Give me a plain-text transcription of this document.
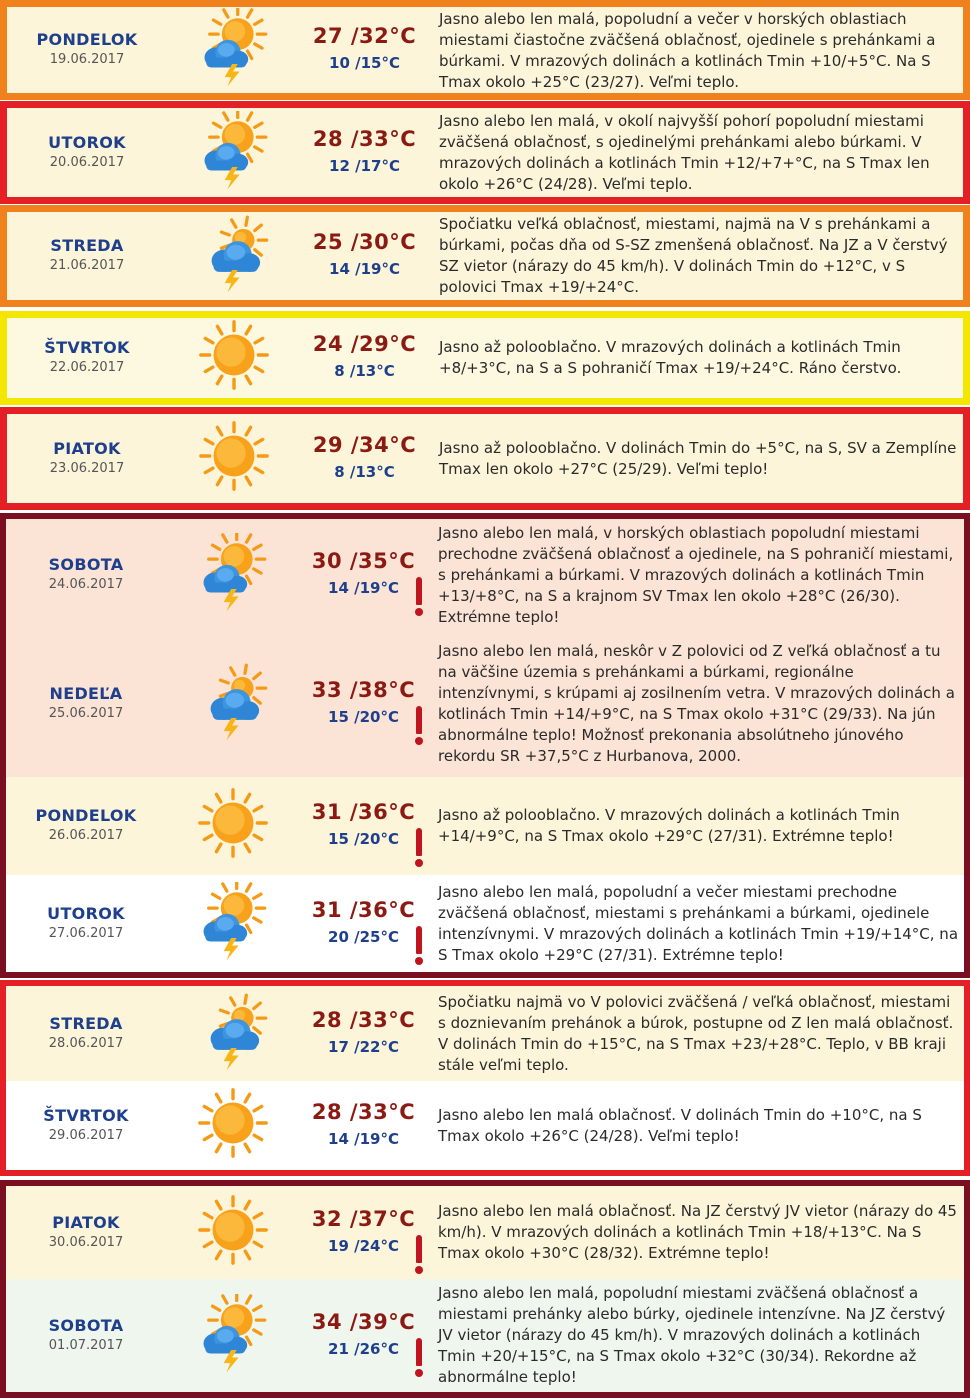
PONDELOK
19.06.2017
27 /32°C
10 /15°C
Jasno alebo len malá, popoludní a večer v horských oblastiach miestami čiastočne zväčšená oblačnosť, ojedinele s prehánkami a búrkami. V mrazových dolinách a kotlinách Tmin +10/+5°C. Na S Tmax okolo +25°C (23/27). Veľmi teplo.
UTOROK
20.06.2017
28 /33°C
12 /17°C
Jasno alebo len malá, v okolí najvyšší pohorí popoludní miestami zväčšená oblačnosť, s ojedinelými prehánkami alebo búrkami. V mrazových dolinách a kotlinách Tmin +12/+7+°C, na S Tmax len okolo +26°C (24/28). Veľmi teplo.
STREDA
21.06.2017
25 /30°C
14 /19°C
Spočiatku veľká oblačnosť, miestami, najmä na V s prehánkami a búrkami, počas dňa od S-SZ zmenšená oblačnosť. Na JZ a V čerstvý SZ vietor (nárazy do 45 km/h). V dolinách Tmin do +12°C, v S polovici Tmax +19/+24°C.
ŠTVRTOK
22.06.2017
24 /29°C
8 /13°C
Jasno až polooblačno. V mrazových dolinách a kotlinách Tmin +8/+3°C, na S a S pohraničí Tmax +19/+24°C. Ráno čerstvo.
PIATOK
23.06.2017
29 /34°C
8 /13°C
Jasno až polooblačno. V dolinách Tmin do +5°C, na S, SV a Zemplíne Tmax len okolo +27°C (25/29). Veľmi teplo!
SOBOTA
24.06.2017
30 /35°C
14 /19°C
Jasno alebo len malá, v horských oblastiach popoludní miestami prechodne zväčšená oblačnosť a ojedinele, na S pohraničí miestami, s prehánkami a búrkami. V mrazových dolinách a kotlinách Tmin +13/+8°C, na S a krajnom SV Tmax len okolo +28°C (26/30). Extrémne teplo!
NEDEĽA
25.06.2017
33 /38°C
15 /20°C
Jasno alebo len malá, neskôr v Z polovici od Z veľká oblačnosť a tu na väčšine územia s prehánkami a búrkami, regionálne intenzívnymi, s krúpami aj zosilnením vetra. V mrazových dolinách a kotlinách Tmin +14/+9°C, na S Tmax okolo +31°C (29/33). Na jún abnormálne teplo! Možnosť prekonania absolútneho júnového rekordu SR +37,5°C z Hurbanova, 2000.
PONDELOK
26.06.2017
31 /36°C
15 /20°C
Jasno až polooblačno. V mrazových dolinách a kotlinách Tmin +14/+9°C, na S Tmax okolo +29°C (27/31). Extrémne teplo!
UTOROK
27.06.2017
31 /36°C
20 /25°C
Jasno alebo len malá, popoludní a večer miestami prechodne zväčšená oblačnosť, miestami s prehánkami a búrkami, ojedinele intenzívnymi. V mrazových dolinách a kotlinách Tmin +19/+14°C, na S Tmax okolo +29°C (27/31). Extrémne teplo!
STREDA
28.06.2017
28 /33°C
17 /22°C
Spočiatku najmä vo V polovici zväčšená / veľká oblačnosť, miestami s doznievaním prehánok a búrok, postupne od Z len malá oblačnosť. V dolinách Tmin do +15°C, na S Tmax +23/+28°C. Teplo, v BB kraji stále veľmi teplo.
ŠTVRTOK
29.06.2017
28 /33°C
14 /19°C
Jasno alebo len malá oblačnosť. V dolinách Tmin do +10°C, na S Tmax okolo +26°C (24/28). Veľmi teplo!
PIATOK
30.06.2017
32 /37°C
19 /24°C
Jasno alebo len malá oblačnosť. Na JZ čerstvý JV vietor (nárazy do 45 km/h). V mrazových dolinách a kotlinách Tmin +18/+13°C. Na S Tmax okolo +30°C (28/32). Extrémne teplo!
SOBOTA
01.07.2017
34 /39°C
21 /26°C
Jasno alebo len malá, popoludní miestami zväčšená oblačnosť a miestami prehánky alebo búrky, ojedinele intenzívne. Na JZ čerstvý JV vietor (nárazy do 45 km/h). V mrazových dolinách a kotlinách Tmin +20/+15°C, na S Tmax okolo +32°C (30/34). Rekordne až abnormálne teplo!
